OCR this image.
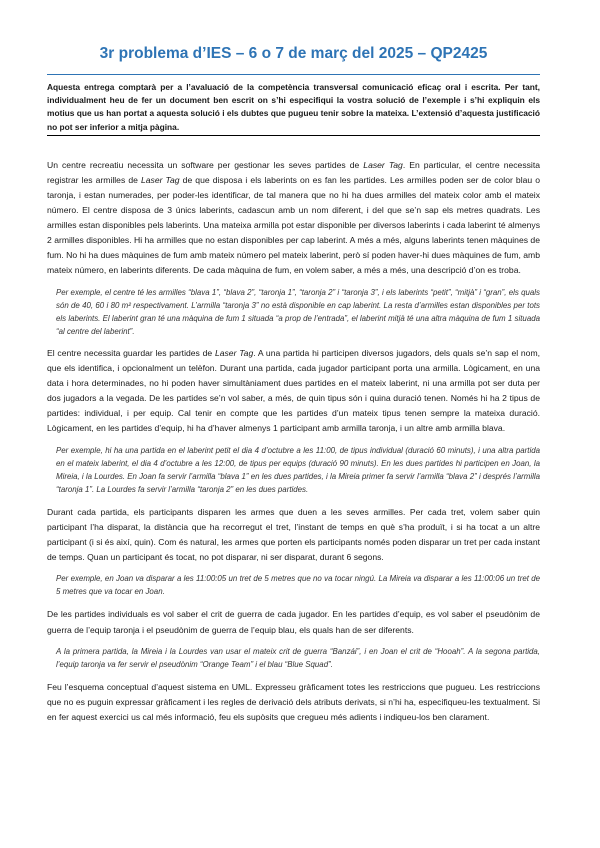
3r problema d’IES – 6 o 7 de març del 2025 – QP2425

Aquesta entrega comptarà per a l’avaluació de la competència transversal comunicació eficaç oral i escrita. Per tant, individualment heu de fer un document ben escrit on s’hi especifiqui la vostra solució de l’exemple i s’hi expliquin els motius que us han portat a aquesta solució i els dubtes que pugueu tenir sobre la mateixa. L’extensió d’aquesta justificació no pot ser inferior a mitja pàgina.

Un centre recreatiu necessita un software per gestionar les seves partides de Laser Tag. En particular, el centre necessita registrar les armilles de Laser Tag de que disposa i els laberints on es fan les partides. Les armilles poden ser de color blau o taronja, i estan numerades, per poder-les identificar, de tal manera que no hi ha dues armilles del mateix color amb el mateix número. El centre disposa de 3 únics laberints, cadascun amb un nom diferent, i del que se’n sap els metres quadrats. Les armilles estan disponibles pels laberints. Una mateixa armilla pot estar disponible per diversos laberints i cada laberint té almenys 2 armilles disponibles. Hi ha armilles que no estan disponibles per cap laberint. A més a més, alguns laberints tenen màquines de fum. No hi ha dues màquines de fum amb mateix número pel mateix laberint, però sí poden haver-hi dues màquines de fum, amb mateix número, en laberints diferents. De cada màquina de fum, en volem saber, a més a més, una descripció d’on es troba.

Per exemple, el centre té les armilles “blava 1”, “blava 2”, “taronja 1”, “taronja 2” i “taronja 3”, i els laberints “petit”, “mitjà” i “gran”, els quals són de 40, 60 i 80 m² respectivament. L’armilla “taronja 3” no està disponible en cap laberint. La resta d’armilles estan disponibles per tots els laberints. El laberint gran té una màquina de fum 1 situada “a prop de l’entrada”, el laberint mitjà té una altra màquina de fum 1 situada “al centre del laberint”.

El centre necessita guardar les partides de Laser Tag. A una partida hi participen diversos jugadors, dels quals se’n sap el nom, que els identifica, i opcionalment un telèfon. Durant una partida, cada jugador participant porta una armilla. Lògicament, en una data i hora determinades, no hi poden haver simultàniament dues partides en el mateix laberint, ni una armilla pot ser duta per dos jugadors a la vegada. De les partides se’n vol saber, a més, de quin tipus són i quina duració tenen. Només hi ha 2 tipus de partides: individual, i per equip. Cal tenir en compte que les partides d’un mateix tipus tenen sempre la mateixa duració. Lògicament, en les partides d’equip, hi ha d’haver almenys 1 participant amb armilla taronja, i un altre amb armilla blava.

Per exemple, hi ha una partida en el laberint petit el dia 4 d’octubre a les 11:00, de tipus individual (duració 60 minuts), i una altra partida en el mateix laberint, el dia 4 d’octubre a les 12:00, de tipus per equips (duració 90 minuts). En les dues partides hi participen en Joan, la Mireia, i la Lourdes. En Joan fa servir l’armilla “blava 1” en les dues partides, i la Mireia primer fa servir l’armilla “blava 2” i després l’armilla “taronja 1”. La Lourdes fa servir l’armilla “taronja 2” en les dues partides.

Durant cada partida, els participants disparen les armes que duen a les seves armilles. Per cada tret, volem saber quin participant l’ha disparat, la distància que ha recorregut el tret, l’instant de temps en què s’ha produït, i si ha tocat a un altre participant (i si és així, quin). Com és natural, les armes que porten els participants només poden disparar un tret per cada instant de temps. Quan un participant és tocat, no pot disparar, ni ser disparat, durant 6 segons.

Per exemple, en Joan va disparar a les 11:00:05 un tret de 5 metres que no va tocar ningú. La Mireia va disparar a les 11:00:06 un tret de 5 metres que va tocar en Joan.

De les partides individuals es vol saber el crit de guerra de cada jugador. En les partides d’equip, es vol saber el pseudònim de guerra de l’equip taronja i el pseudònim de guerra de l’equip blau, els quals han de ser diferents.

A la primera partida, la Mireia i la Lourdes van usar el mateix crit de guerra “Banzái”, i en Joan el crit de “Hooah”. A la segona partida, l’equip taronja va fer servir el pseudònim “Orange Team” i el blau “Blue Squad”.

Feu l’esquema conceptual d’aquest sistema en UML. Expresseu gràficament totes les restriccions que pugueu. Les restriccions que no es puguin expressar gràficament i les regles de derivació dels atributs derivats, si n’hi ha, especifiqueu-les textualment. Si en fer aquest exercici us cal més informació, feu els supòsits que cregueu més adients i indiqueu-los ben clarament.
